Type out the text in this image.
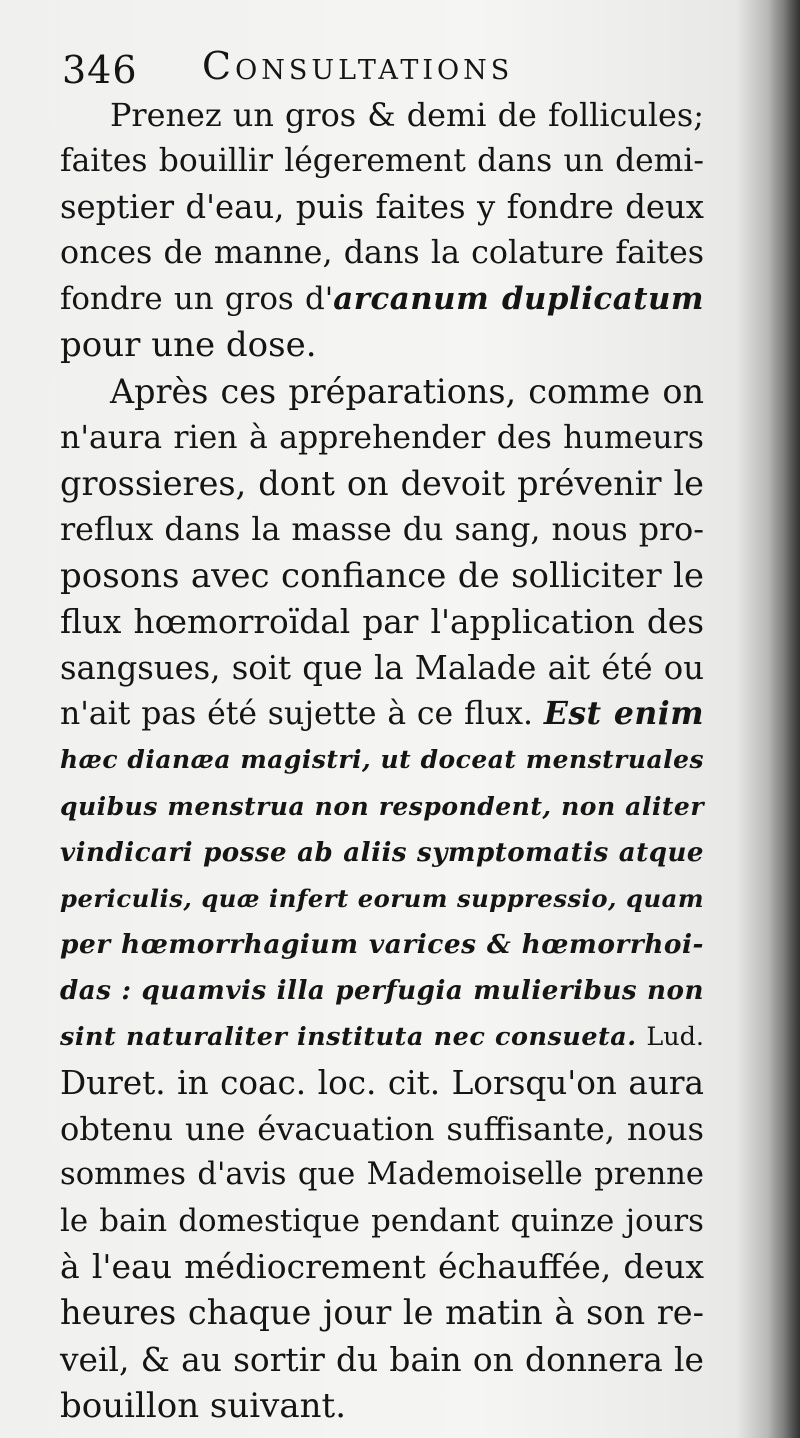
346 Consultations
Prenez un gros & demi de follicules;
faites bouillir légerement dans un demi-
septier d'eau, puis faites y fondre deux
onces de manne, dans la colature faites
fondre un gros d'arcanum duplicatum
pour une dose.
Après ces préparations, comme on
n'aura rien à apprehender des humeurs
grossieres, dont on devoit prévenir le
reflux dans la masse du sang, nous pro-
posons avec confiance de solliciter le
flux hœmorroïdal par l'application des
sangsues, soit que la Malade ait été ou
n'ait pas été sujette à ce flux. Est enim
hæc dianæa magistri, ut doceat menstruales
quibus menstrua non respondent, non aliter
vindicari posse ab aliis symptomatis atque
periculis, quæ infert eorum suppressio, quam
per hœmorrhagium varices & hœmorrhoi-
das : quamvis illa perfugia mulieribus non
sint naturaliter instituta nec consueta. Lud.
Duret. in coac. loc. cit. Lorsqu'on aura
obtenu une évacuation suffisante, nous
sommes d'avis que Mademoiselle prenne
le bain domestique pendant quinze jours
à l'eau médiocrement échauffée, deux
heures chaque jour le matin à son re-
veil, & au sortir du bain on donnera le
bouillon suivant.
